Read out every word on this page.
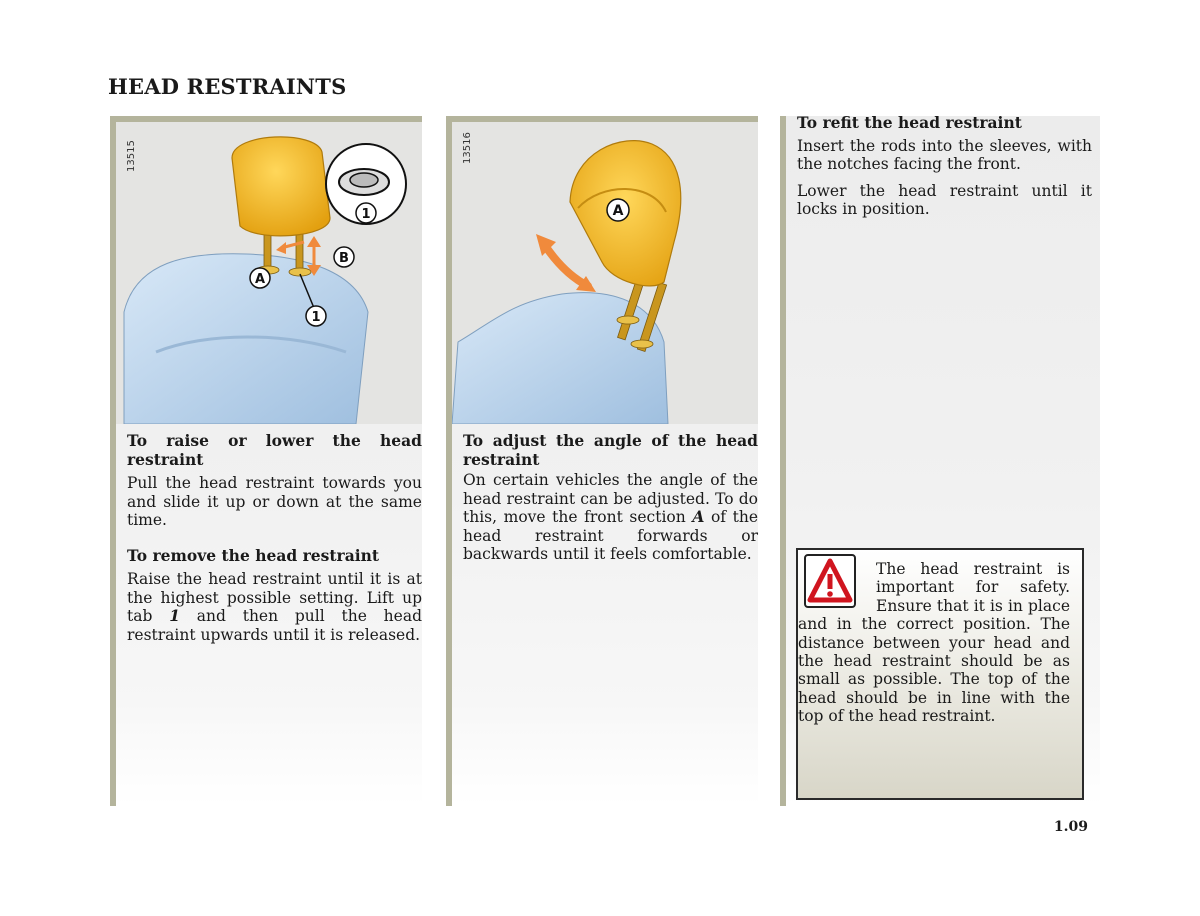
HEAD RESTRAINTS
13515
A
B
1
1

To raise or lower the head restraint

Pull the head restraint towards you and slide it up or down at the same time.

To remove the head restraint

Raise the head restraint until it is at the highest possible setting. Lift up tab 1 and then pull the head restraint upwards until it is released.

13516
A

To adjust the angle of the head restraint

On certain vehicles the angle of the head restraint can be adjusted. To do this, move the front section A of the head restraint forwards or backwards until it feels comfortable.

To refit the head restraint

Insert the rods into the sleeves, with the notches facing the front.

Lower the head restraint until it locks in position.

The head restraint is important for safety. Ensure that it is in place and in the correct position. The distance between your head and the head restraint should be as small as possible. The top of the head should be in line with the top of the head restraint.

1.09
